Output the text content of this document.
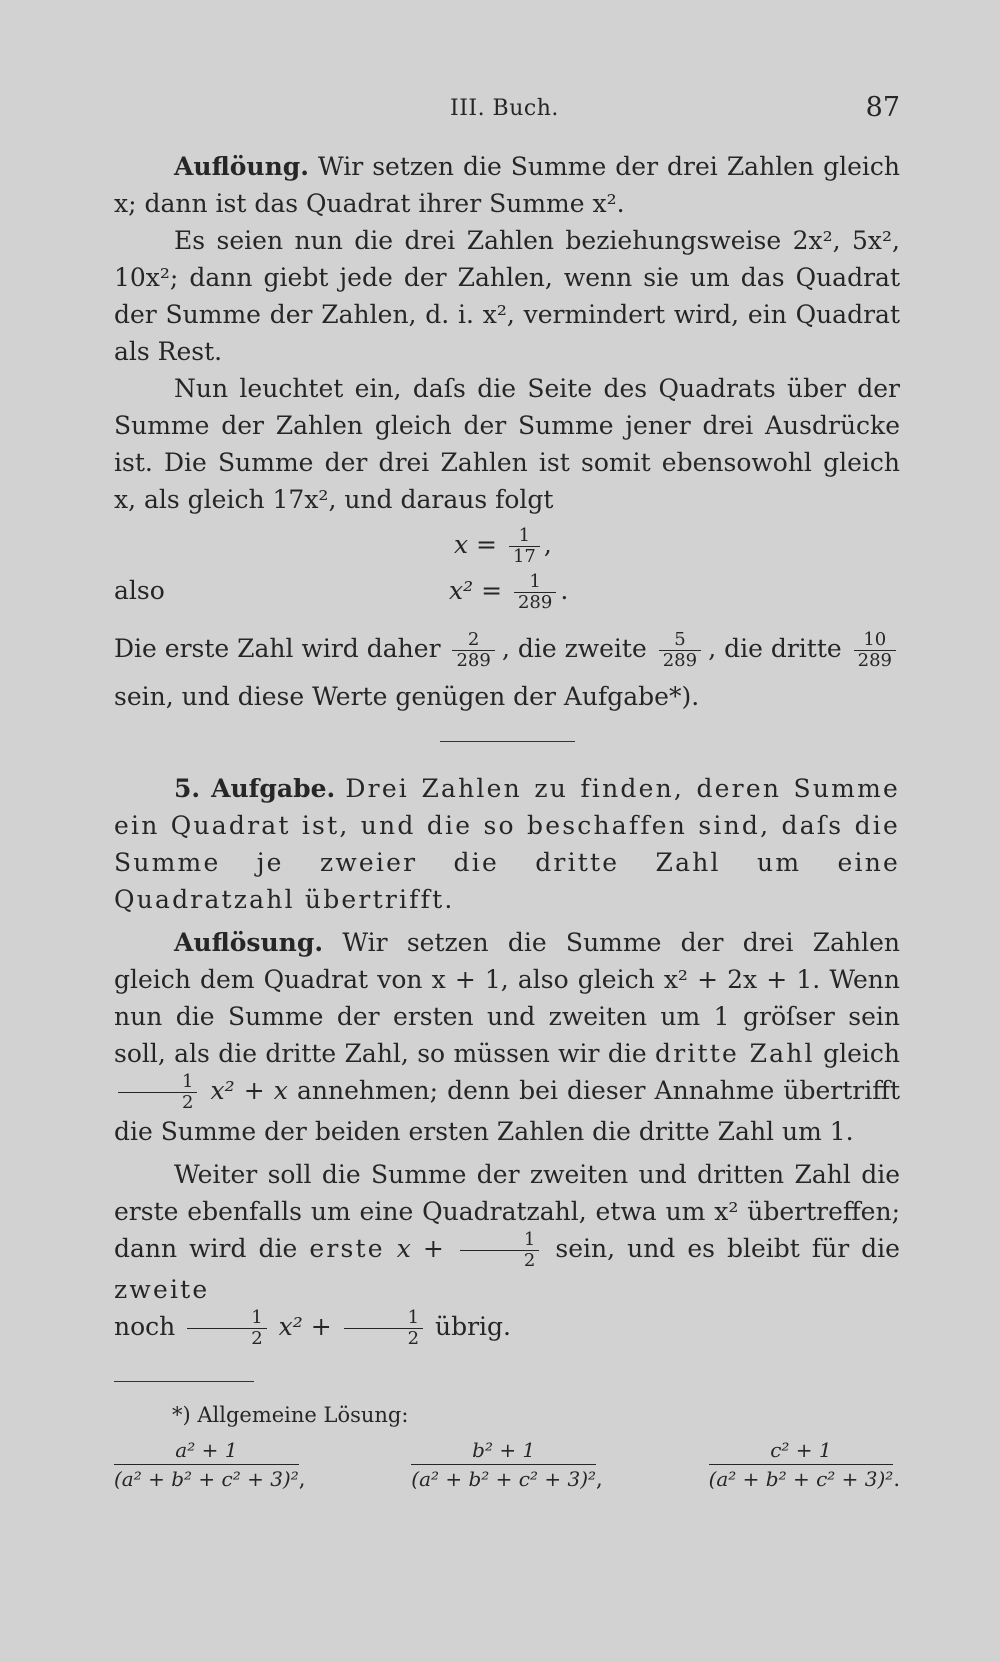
III. Buch.	87

Auflöung. Wir setzen die Summe der drei Zahlen gleich x; dann ist das Quadrat ihrer Summe x².

Es seien nun die drei Zahlen beziehungsweise 2x², 5x², 10x²; dann giebt jede der Zahlen, wenn sie um das Quadrat der Summe der Zahlen, d. i. x², vermindert wird, ein Quadrat als Rest.

Nun leuchtet ein, daſs die Seite des Quadrats über der Summe der Zahlen gleich der Summe jener drei Ausdrücke ist. Die Summe der drei Zahlen ist somit ebensowohl gleich x, als gleich 17x², und daraus folgt

$x = \frac{1}{17}$ ,
also	$x^2 = \frac{1}{289}$ .
Die erste Zahl wird daher $\frac{2}{289}$ , die zweite $\frac{5}{289}$ , die dritte $\frac{10}{289}$

sein, und diese Werte genügen der Aufgabe*).

5. Aufgabe. Drei Zahlen zu finden, deren Summe ein Quadrat ist, und die so beschaffen sind, daſs die Summe je zweier die dritte Zahl um eine Quadratzahl übertrifft.

Auflösung. Wir setzen die Summe der drei Zahlen gleich dem Quadrat von x + 1, also gleich x² + 2x + 1. Wenn nun die Summe der ersten und zweiten um 1 gröſser sein soll, als die dritte Zahl, so müssen wir die dritte Zahl gleich
$\frac{1}{2} x^2 + x$ annehmen; denn bei dieser Annahme übertrifft die Summe der beiden ersten Zahlen die dritte Zahl um 1.

Weiter soll die Summe der zweiten und dritten Zahl die erste ebenfalls um eine Quadratzahl, etwa um x² übertreffen; dann wird die erste $x + \frac{1}{2}$ sein, und es bleibt für die zweite
noch $\frac{1}{2} x^2 + \frac{1}{2}$ übrig.

*) Allgemeine Lösung:
$\frac{\text{a² + 1}}{\text{(a² + b² + c² + 3)²}}$ ,	$\frac{\text{b² + 1}}{\text{(a² + b² + c² + 3)²}}$ ,	$\frac{\text{c² + 1}}{\text{(a² + b² + c² + 3)²}}$ .
